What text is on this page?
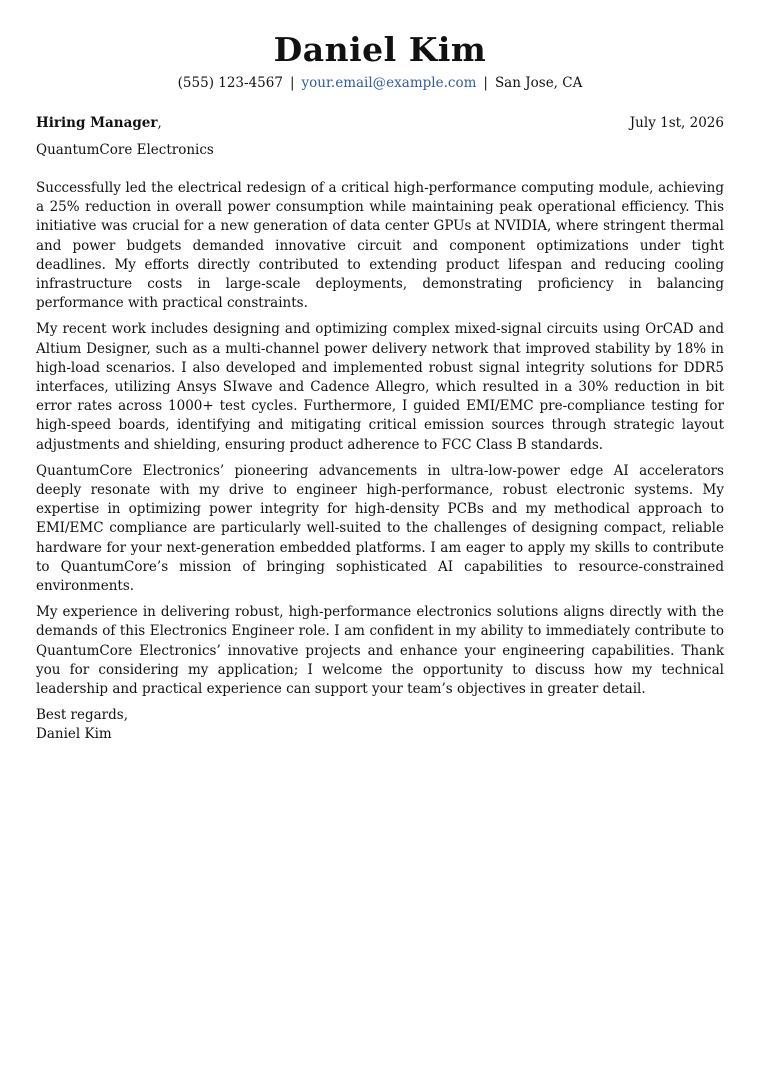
Daniel Kim
(555) 123-4567 | your.email@example.com | San Jose, CA
Hiring Manager,	July 1st, 2026
QuantumCore Electronics

Successfully led the electrical redesign of a critical high-performance computing module, achieving a 25% reduction in overall power consumption while maintaining peak operational efficiency. This initiative was crucial for a new generation of data center GPUs at NVIDIA, where stringent thermal and power budgets demanded innovative circuit and component optimizations under tight deadlines. My efforts directly contributed to extending product lifespan and reducing cooling infrastructure costs in large-scale deployments, demonstrating proficiency in balancing performance with practical constraints.

My recent work includes designing and optimizing complex mixed-signal circuits using OrCAD and Altium Designer, such as a multi-channel power delivery network that improved stability by 18% in high-load scenarios. I also developed and implemented robust signal integrity solutions for DDR5 interfaces, utilizing Ansys SIwave and Cadence Allegro, which resulted in a 30% reduction in bit error rates across 1000+ test cycles. Furthermore, I guided EMI/EMC pre-compliance testing for high-speed boards, identifying and mitigating critical emission sources through strategic layout adjustments and shielding, ensuring product adherence to FCC Class B standards.

QuantumCore Electronics’ pioneering advancements in ultra-low-power edge AI accelerators deeply resonate with my drive to engineer high-performance, robust electronic systems. My expertise in optimizing power integrity for high-density PCBs and my methodical approach to EMI/EMC compliance are particularly well-suited to the challenges of designing compact, reliable hardware for your next-generation embedded platforms. I am eager to apply my skills to contribute to QuantumCore’s mission of bringing sophisticated AI capabilities to resource-constrained environments.

My experience in delivering robust, high-performance electronics solutions aligns directly with the demands of this Electronics Engineer role. I am confident in my ability to immediately contribute to QuantumCore Electronics’ innovative projects and enhance your engineering capabilities. Thank you for considering my application; I welcome the opportunity to discuss how my technical leadership and practical experience can support your team’s objectives in greater detail.

Best regards,
Daniel Kim
